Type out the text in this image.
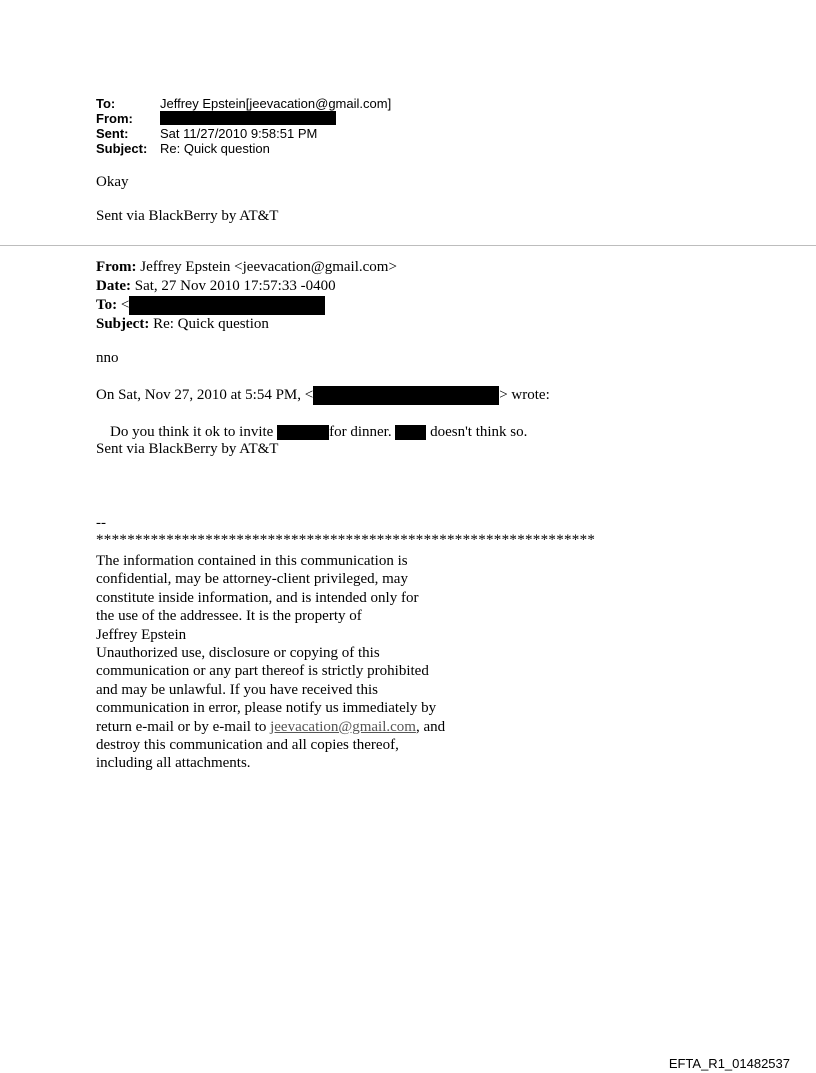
To:	Jeffrey Epstein[jeevacation@gmail.com]
From:
Sent:	Sat 11/27/2010 9:58:51 PM
Subject: Re: Quick question
Okay
Sent via BlackBerry by AT&T
From: Jeffrey Epstein <jeevacation@gmail.com>
Date: Sat, 27 Nov 2010 17:57:33 -0400
To: <
Subject: Re: Quick question
nno
On Sat, Nov 27, 2010 at 5:54 PM, <	> wrote:
Do you think it ok to invite	for dinner.	doesn't think so.
Sent via BlackBerry by AT&T
--
****************************************************************
The information contained in this communication is
confidential, may be attorney-client privileged, may
constitute inside information, and is intended only for
the use of the addressee. It is the property of
Jeffrey Epstein
Unauthorized use, disclosure or copying of this
communication or any part thereof is strictly prohibited
and may be unlawful. If you have received this
communication in error, please notify us immediately by
return e-mail or by e-mail to jeevacation@gmail.com, and
destroy this communication and all copies thereof,
including all attachments.
EFTA_R1_01482537
